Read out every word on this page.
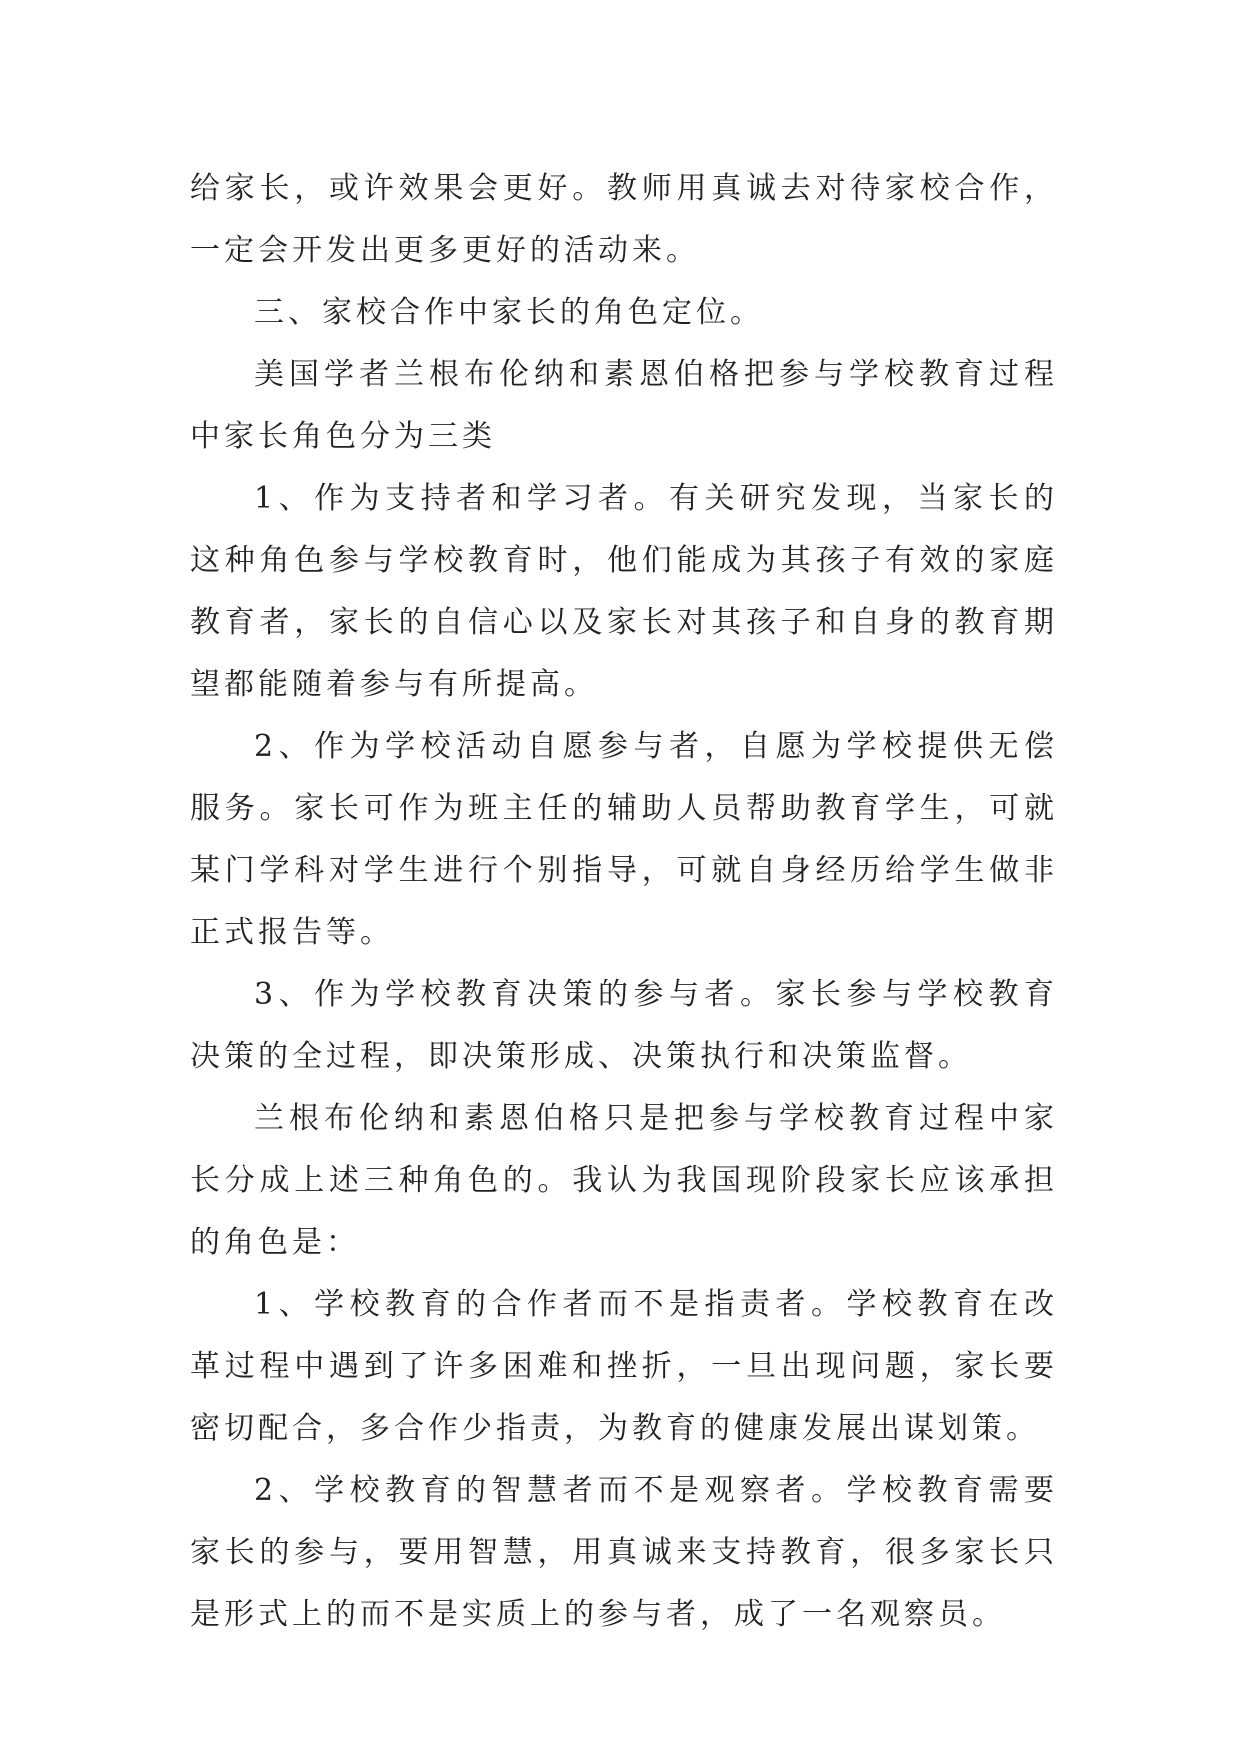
给家长，或许效果会更好。教师用真诚去对待家校合作，一定会开发出更多更好的活动来。

三、家校合作中家长的角色定位。

美国学者兰根布伦纳和素恩伯格把参与学校教育过程中家长角色分为三类

1、作为支持者和学习者。有关研究发现，当家长的这种角色参与学校教育时，他们能成为其孩子有效的家庭教育者，家长的自信心以及家长对其孩子和自身的教育期望都能随着参与有所提高。

2、作为学校活动自愿参与者，自愿为学校提供无偿服务。家长可作为班主任的辅助人员帮助教育学生，可就某门学科对学生进行个别指导，可就自身经历给学生做非正式报告等。

3、作为学校教育决策的参与者。家长参与学校教育决策的全过程，即决策形成、决策执行和决策监督。

兰根布伦纳和素恩伯格只是把参与学校教育过程中家长分成上述三种角色的。我认为我国现阶段家长应该承担的角色是：

1、学校教育的合作者而不是指责者。学校教育在改革过程中遇到了许多困难和挫折，一旦出现问题，家长要密切配合，多合作少指责，为教育的健康发展出谋划策。

2、学校教育的智慧者而不是观察者。学校教育需要家长的参与，要用智慧，用真诚来支持教育，很多家长只是形式上的而不是实质上的参与者，成了一名观察员。
